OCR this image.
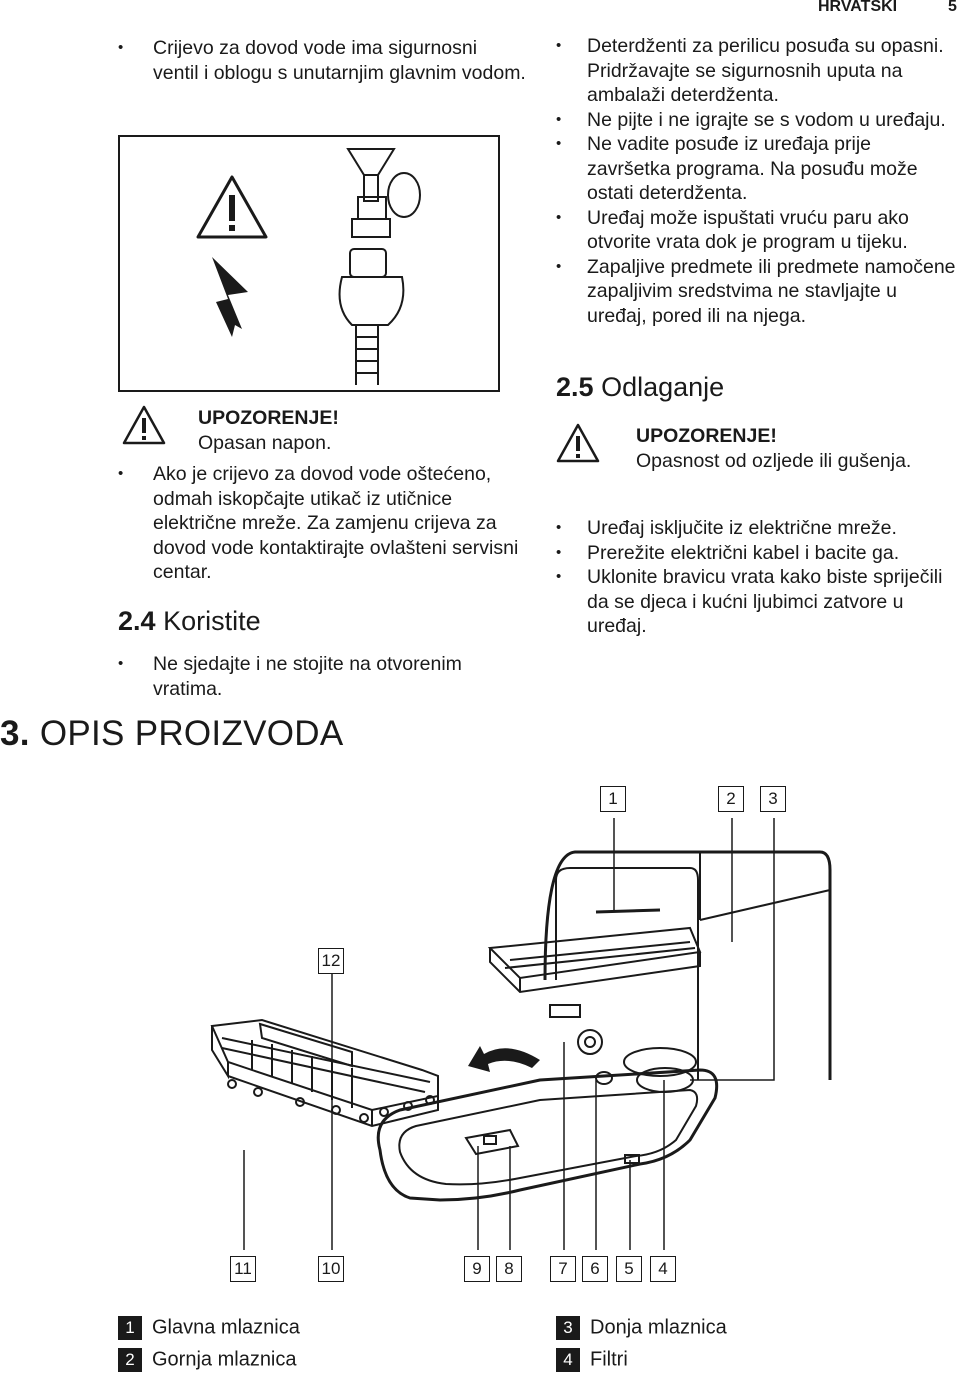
HRVATSKI	5
• Crijevo za dovod vode ima sigurnosni ventil i oblogu s unutarnjim glavnim vodom.
UPOZORENJE!
Opasan napon.
• Ako je crijevo za dovod vode oštećeno, odmah iskopčajte utikač iz utičnice električne mreže. Za zamjenu crijeva za dovod vode kontaktirajte ovlašteni servisni centar.
2.4 Koristite
• Ne sjedajte i ne stojite na otvorenim vratima.
• Deterdženti za perilicu posuđa su opasni. Pridržavajte se sigurnosnih uputa na ambalaži deterdženta.
• Ne pijte i ne igrajte se s vodom u uređaju.
• Ne vadite posuđe iz uređaja prije završetka programa. Na posuđu može ostati deterdženta.
• Uređaj može ispuštati vruću paru ako otvorite vrata dok je program u tijeku.
• Zapaljive predmete ili predmete namočene zapaljivim sredstvima ne stavljajte u uređaj, pored ili na njega.
2.5 Odlaganje
UPOZORENJE!
Opasnost od ozljede ili gušenja.
• Uređaj isključite iz električne mreže.
• Prerežite električni kabel i bacite ga.
• Uklonite bravicu vrata kako biste spriječili da se djeca i kućni ljubimci zatvore u uređaj.
3. OPIS PROIZVODA
1	2	3
12
11	10	9	8	7	6	5	4
1 Glavna mlaznica
2 Gornja mlaznica
3 Donja mlaznica
4 Filtri
